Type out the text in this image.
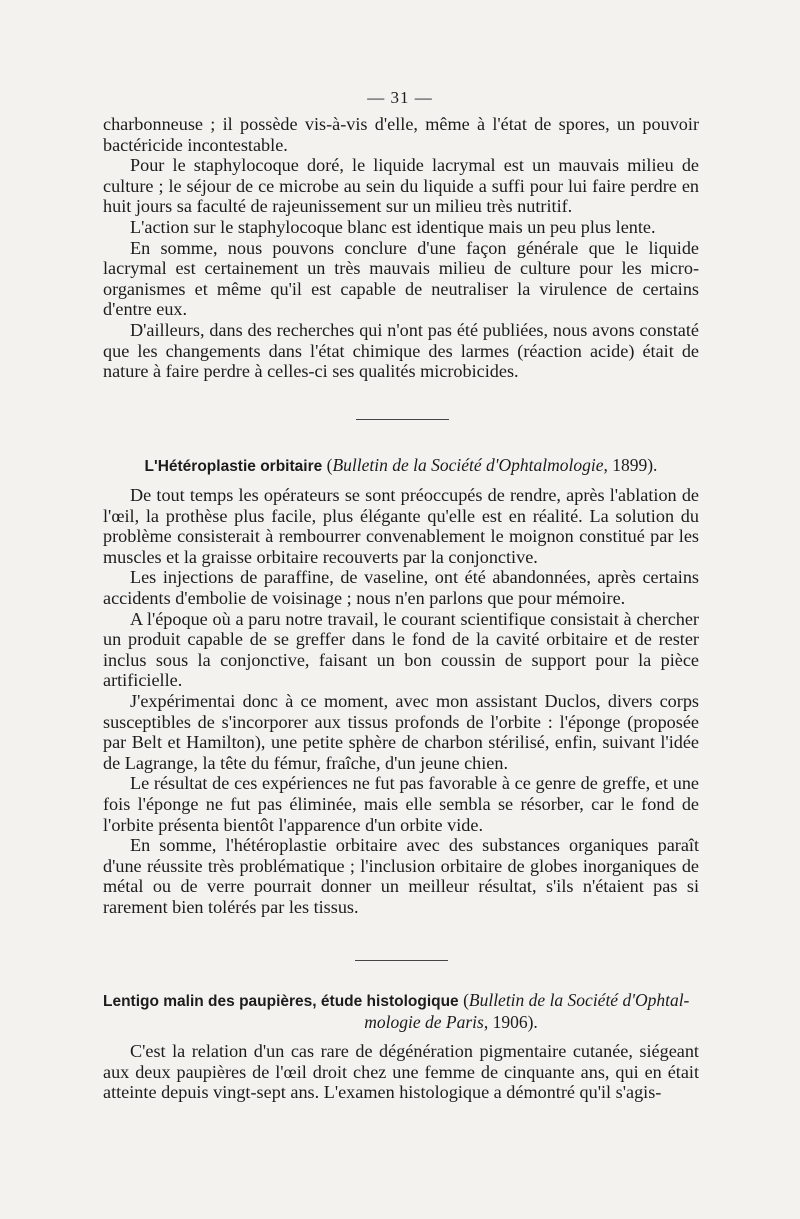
— 31 —

charbonneuse ; il possède vis-à-vis d'elle, même à l'état de spores, un pouvoir bactéricide incontestable.

Pour le staphylocoque doré, le liquide lacrymal est un mauvais milieu de culture ; le séjour de ce microbe au sein du liquide a suffi pour lui faire perdre en huit jours sa faculté de rajeunissement sur un milieu très nutritif.

L'action sur le staphylocoque blanc est identique mais un peu plus lente.

En somme, nous pouvons conclure d'une façon générale que le liquide lacrymal est certainement un très mauvais milieu de culture pour les micro-organismes et même qu'il est capable de neutraliser la virulence de certains d'entre eux.

D'ailleurs, dans des recherches qui n'ont pas été publiées, nous avons constaté que les changements dans l'état chimique des larmes (réaction acide) était de nature à faire perdre à celles-ci ses qualités microbicides.

L'Hétéroplastie orbitaire (Bulletin de la Société d'Ophtalmologie, 1899).

De tout temps les opérateurs se sont préoccupés de rendre, après l'ablation de l'œil, la prothèse plus facile, plus élégante qu'elle est en réalité. La solution du problème consisterait à rembourrer convenablement le moignon constitué par les muscles et la graisse orbitaire recouverts par la conjonctive.

Les injections de paraffine, de vaseline, ont été abandonnées, après certains accidents d'embolie de voisinage ; nous n'en parlons que pour mémoire.

A l'époque où a paru notre travail, le courant scientifique consistait à chercher un produit capable de se greffer dans le fond de la cavité orbitaire et de rester inclus sous la conjonctive, faisant un bon coussin de support pour la pièce artificielle.

J'expérimentai donc à ce moment, avec mon assistant Duclos, divers corps susceptibles de s'incorporer aux tissus profonds de l'orbite : l'éponge (proposée par Belt et Hamilton), une petite sphère de charbon stérilisé, enfin, suivant l'idée de Lagrange, la tête du fémur, fraîche, d'un jeune chien.

Le résultat de ces expériences ne fut pas favorable à ce genre de greffe, et une fois l'éponge ne fut pas éliminée, mais elle sembla se résorber, car le fond de l'orbite présenta bientôt l'apparence d'un orbite vide.

En somme, l'hétéroplastie orbitaire avec des substances organiques paraît d'une réussite très problématique ; l'inclusion orbitaire de globes inorganiques de métal ou de verre pourrait donner un meilleur résultat, s'ils n'étaient pas si rarement bien tolérés par les tissus.

Lentigo malin des paupières, étude histologique (Bulletin de la Société d'Ophtal-
mologie de Paris, 1906).

C'est la relation d'un cas rare de dégénération pigmentaire cutanée, siégeant aux deux paupières de l'œil droit chez une femme de cinquante ans, qui en était atteinte depuis vingt-sept ans. L'examen histologique a démontré qu'il s'agis-
